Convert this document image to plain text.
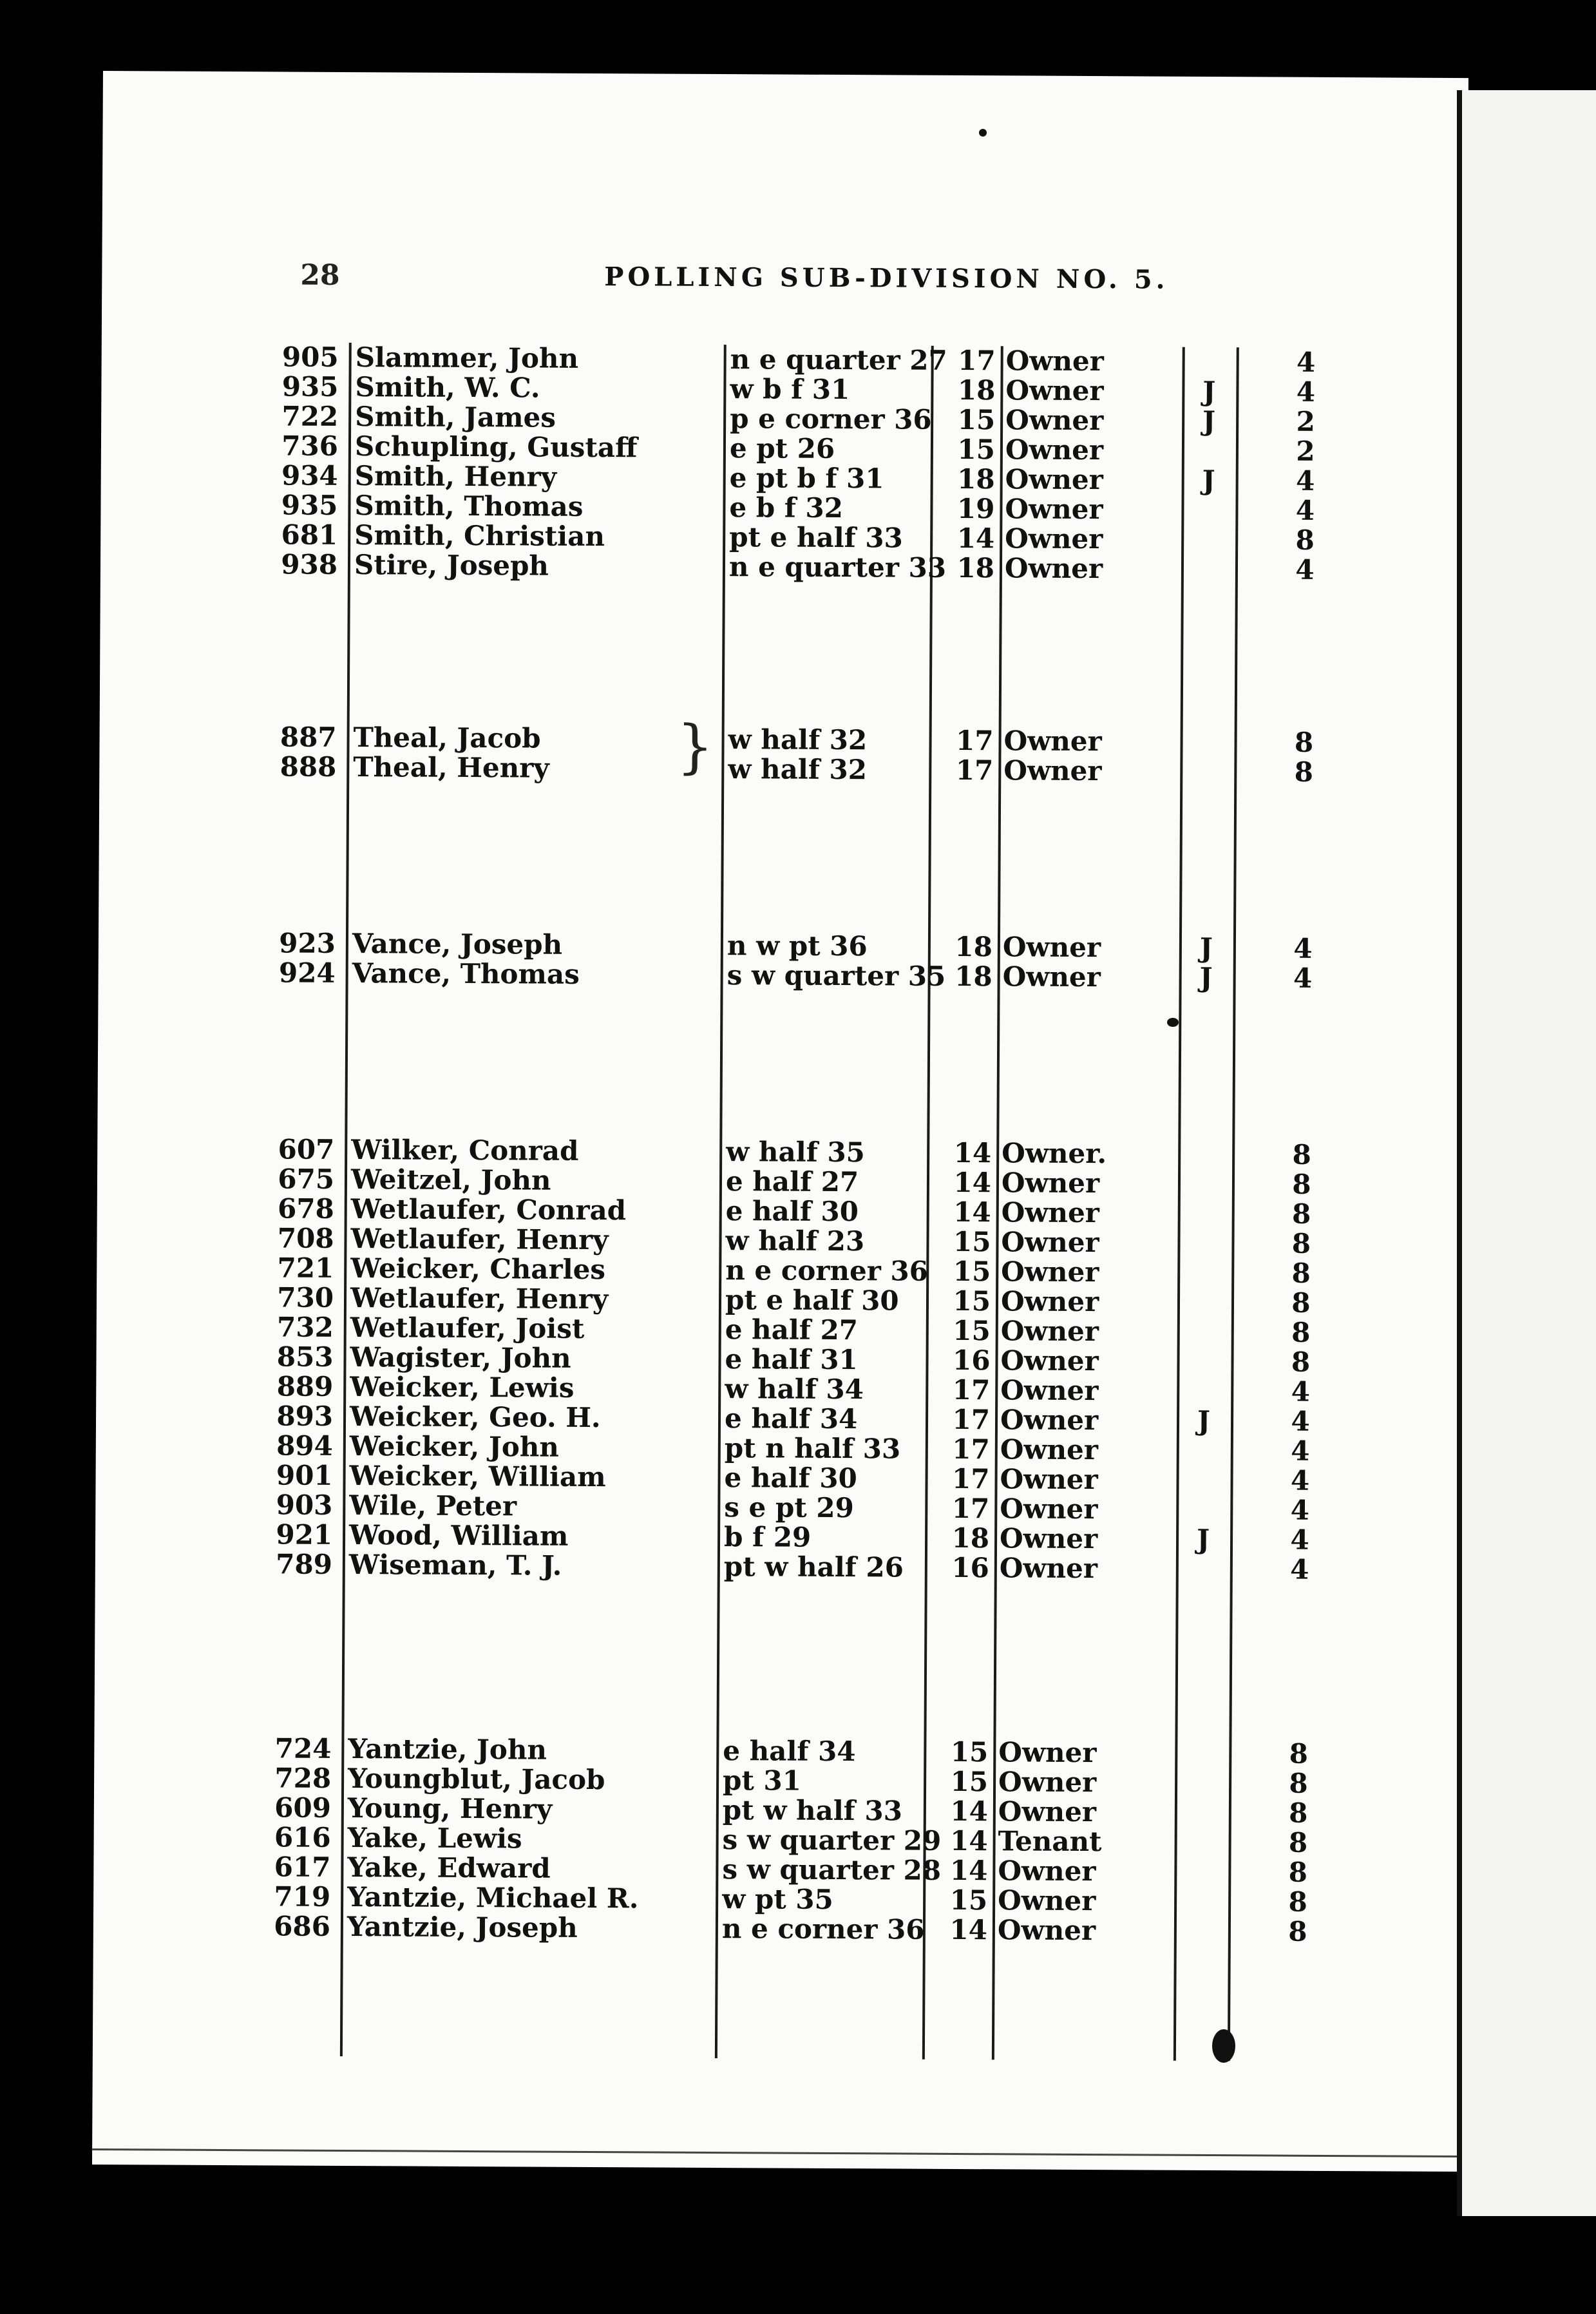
28	POLLING SUB-DIVISION NO. 5.
905 Slammer, John	n e quarter 27 17 Owner	4
935 Smith, W. C.	w b f 31	18 Owner	J	4
722 Smith, James	p e corner 36 15 Owner	J	2
736 Schupling, Gustaff	e pt 26	15 Owner	2
934 Smith, Henry	e pt b f 31	18 Owner	J	4
935 Smith, Thomas	e b f 32	19 Owner	4
681 Smith, Christian	pt e half 33	14 Owner	8
938 Stire, Joseph	n e quarter 33 18 Owner	4
887 Theal, Jacob	w half 32	17 Owner	8
888 Theal, Henry	w half 32	17 Owner	8
923 Vance, Joseph	n w pt 36	18 Owner	J	4
924 Vance, Thomas	s w quarter 35 18 Owner	J	4
607 Wilker, Conrad	w half 35	14 Owner.	8
675 Weitzel, John	e half 27	14 Owner	8
678 Wetlaufer, Conrad	e half 30	14 Owner	8
708 Wetlaufer, Henry	w half 23	15 Owner	8
721 Weicker, Charles	n e corner 36 15 Owner	8
730 Wetlaufer, Henry	pt e half 30	15 Owner	8
732 Wetlaufer, Joist	e half 27	15 Owner	8
853 Wagister, John	e half 31	16 Owner	8
889 Weicker, Lewis	w half 34	17 Owner	4
893 Weicker, Geo. H.	e half 34	17 Owner	J	4
894 Weicker, John	pt n half 33	17 Owner	4
901 Weicker, William	e half 30	17 Owner	4
903 Wile, Peter	s e pt 29	17 Owner	4
921 Wood, William	b f 29	18 Owner	J	4
789 Wiseman, T. J.	pt w half 26	16 Owner	4
724 Yantzie, John	e half 34	15 Owner	8
728 Youngblut, Jacob	pt 31	15 Owner	8
609 Young, Henry	pt w half 33	14 Owner	8
616 Yake, Lewis	s w quarter 29 14 Tenant	8
617 Yake, Edward	s w quarter 28 14 Owner	8
719 Yantzie, Michael R.	w pt 35	15 Owner	8
686 Yantzie, Joseph	n e corner 36 14 Owner	8
}
